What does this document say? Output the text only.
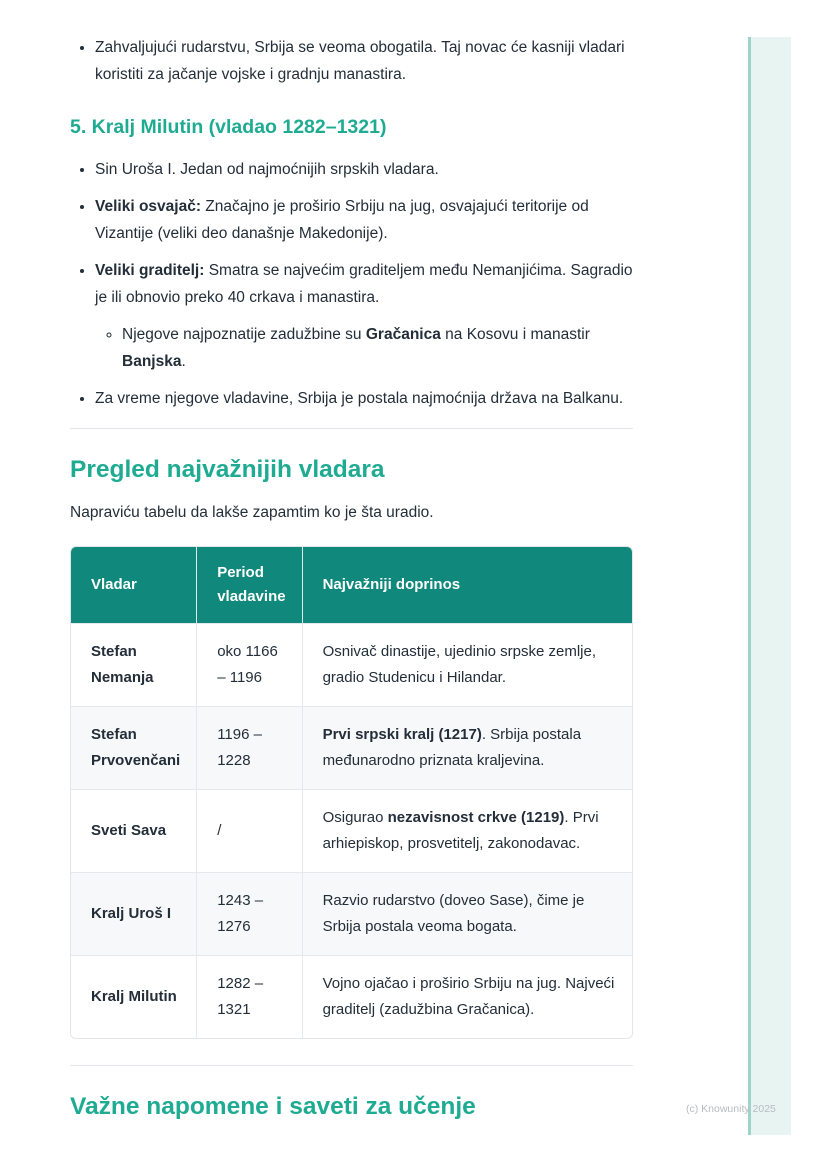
• Zahvaljujući rudarstvu, Srbija se veoma obogatila. Taj novac će kasniji vladari koristiti za jačanje vojske i gradnju manastira.
5. Kralj Milutin (vladao 1282–1321)
• Sin Uroša I. Jedan od najmoćnijih srpskih vladara.
• Veliki osvajač: Značajno je proširio Srbiju na jug, osvajajući teritorije od Vizantije (veliki deo današnje Makedonije).
• Veliki graditelj: Smatra se najvećim graditeljem među Nemanjićima. Sagradio je ili obnovio preko 40 crkava i manastira.
◦ Njegove najpoznatije zadužbine su Gračanica na Kosovu i manastir Banjska.
• Za vreme njegove vladavine, Srbija je postala najmoćnija država na Balkanu.
Pregled najvažnijih vladara

Napraviću tabelu da lakše zapamtim ko je šta uradio.

Vladar	Period vladavine	Najvažniji doprinos
Stefan Nemanja	oko 1166 – 1196	Osnivač dinastije, ujedinio srpske zemlje, gradio Studenicu i Hilandar.
Stefan Prvovenčani	1196 – 1228	Prvi srpski kralj (1217). Srbija postala međunarodno priznata kraljevina.
Sveti Sava	/	Osigurao nezavisnost crkve (1219). Prvi arhiepiskop, prosvetitelj, zakonodavac.
Kralj Uroš I	1243 – 1276	Razvio rudarstvo (doveo Sase), čime je Srbija postala veoma bogata.
Kralj Milutin	1282 – 1321	Vojno ojačao i proširio Srbiju na jug. Najveći graditelj (zadužbina Gračanica).
Važne napomene i saveti za učenje	(c) Knowunity 2025
